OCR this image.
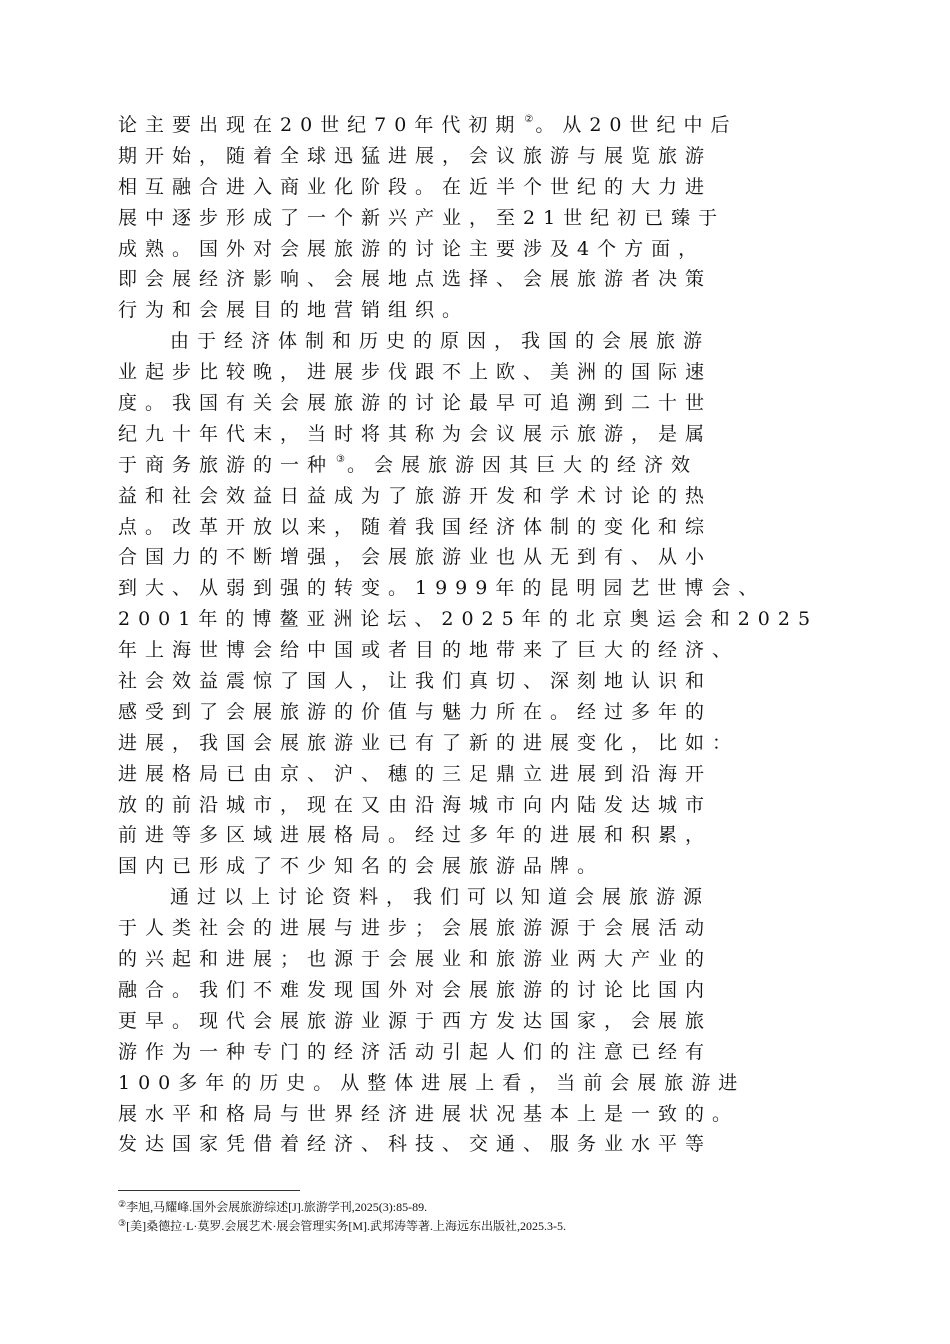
论主要出现在20世纪70年代初期 ② 。从20世纪中后
期开始，随着全球迅猛进展，会议旅游与展览旅游
相互融合进入商业化阶段。在近半个世纪的大力进
展中逐步形成了一个新兴产业，至21世纪初已臻于
成熟。国外对会展旅游的讨论主要涉及4个方面，
即会展经济影响、会展地点选择、会展旅游者决策
行为和会展目的地营销组织。
由于经济体制和历史的原因，我国的会展旅游
业起步比较晚，进展步伐跟不上欧、美洲的国际速
度。我国有关会展旅游的讨论最早可追溯到二十世
纪九十年代末，当时将其称为会议展示旅游，是属
于商务旅游的一种 ③ 。会展旅游因其巨大的经济效
益和社会效益日益成为了旅游开发和学术讨论的热
点。改革开放以来，随着我国经济体制的变化和综
合国力的不断增强，会展旅游业也从无到有、从小
到大、从弱到强的转变。1999年的昆明园艺世博会、
2001年的博鳌亚洲论坛、2025年的北京奥运会和2025
年上海世博会给中国或者目的地带来了巨大的经济、
社会效益震惊了国人，让我们真切、深刻地认识和
感受到了会展旅游的价值与魅力所在。经过多年的
进展，我国会展旅游业已有了新的进展变化，比如：
进展格局已由京、沪、穗的三足鼎立进展到沿海开
放的前沿城市，现在又由沿海城市向内陆发达城市
前进等多区域进展格局。经过多年的进展和积累，
国内已形成了不少知名的会展旅游品牌。
通过以上讨论资料，我们可以知道会展旅游源
于人类社会的进展与进步；会展旅游源于会展活动
的兴起和进展；也源于会展业和旅游业两大产业的
融合。我们不难发现国外对会展旅游的讨论比国内
更早。现代会展旅游业源于西方发达国家，会展旅
游作为一种专门的经济活动引起人们的注意已经有
100多年的历史。从整体进展上看，当前会展旅游进
展水平和格局与世界经济进展状况基本上是一致的。
发达国家凭借着经济、科技、交通、服务业水平等
②李旭,马耀峰.国外会展旅游综述[J].旅游学刊,2025(3):85-89.
③[美]桑德拉·L·莫罗.会展艺术·展会管理实务[M].武邦涛等著.上海远东出版社,2025.3-5.
